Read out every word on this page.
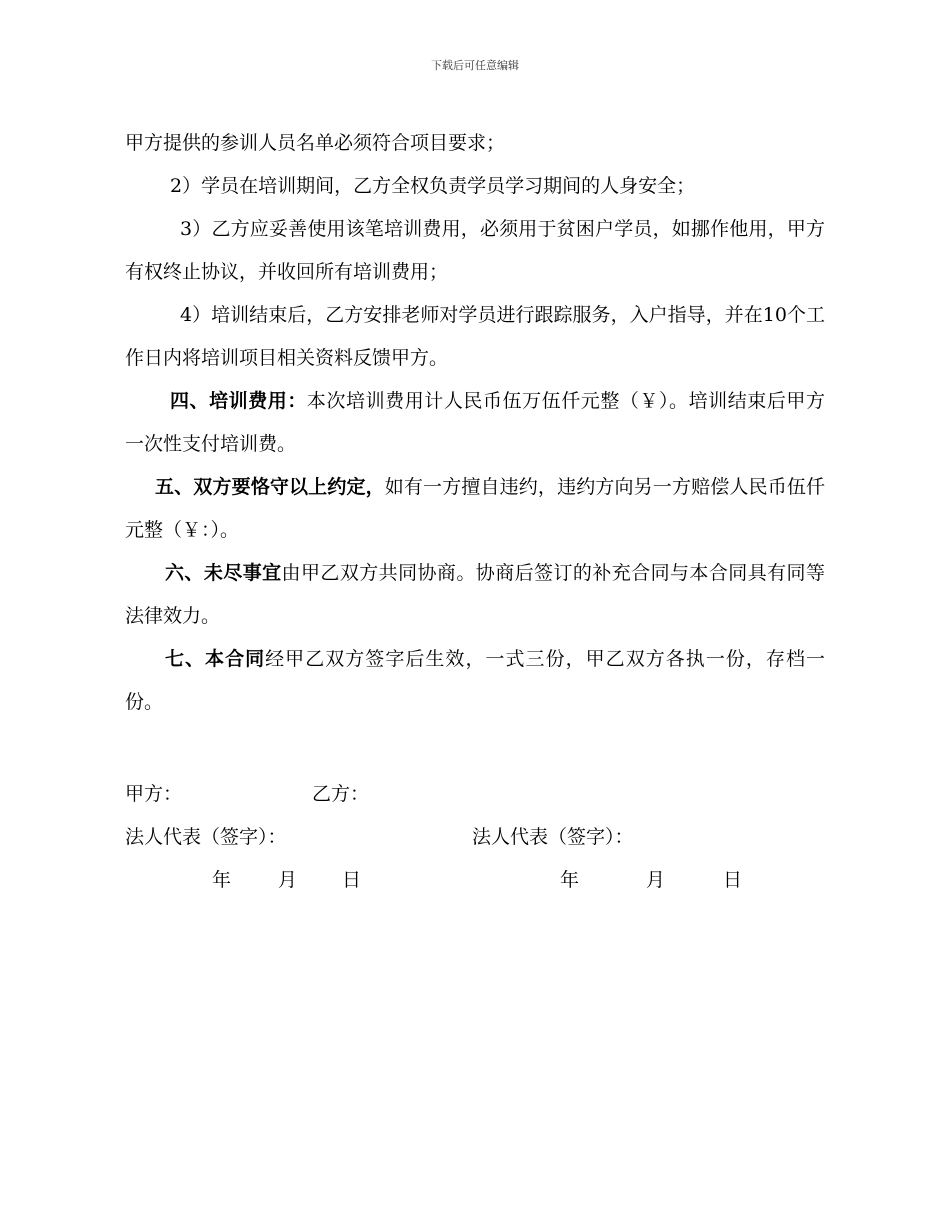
下载后可任意编辑

甲方提供的参训人员名单必须符合项目要求；

2）学员在培训期间，乙方全权负责学员学习期间的人身安全；

3）乙方应妥善使用该笔培训费用，必须用于贫困户学员，如挪作他用，甲方有权终止协议，并收回所有培训费用；

4）培训结束后，乙方安排老师对学员进行跟踪服务，入户指导，并在10个工作日内将培训项目相关资料反馈甲方。

四、培训费用：本次培训费用计人民币伍万伍仟元整（￥）。培训结束后甲方一次性支付培训费。

五、双方要恪守以上约定，如有一方擅自违约，违约方向另一方赔偿人民币伍仟元整（￥：）。

六、未尽事宜由甲乙双方共同协商。协商后签订的补充合同与本合同具有同等法律效力。

七、本合同经甲乙双方签字后生效，一式三份，甲乙双方各执一份，存档一份。

甲方：	乙方：
法人代表（签字）：	法人代表（签字）：
年 月 日	年	月	日
